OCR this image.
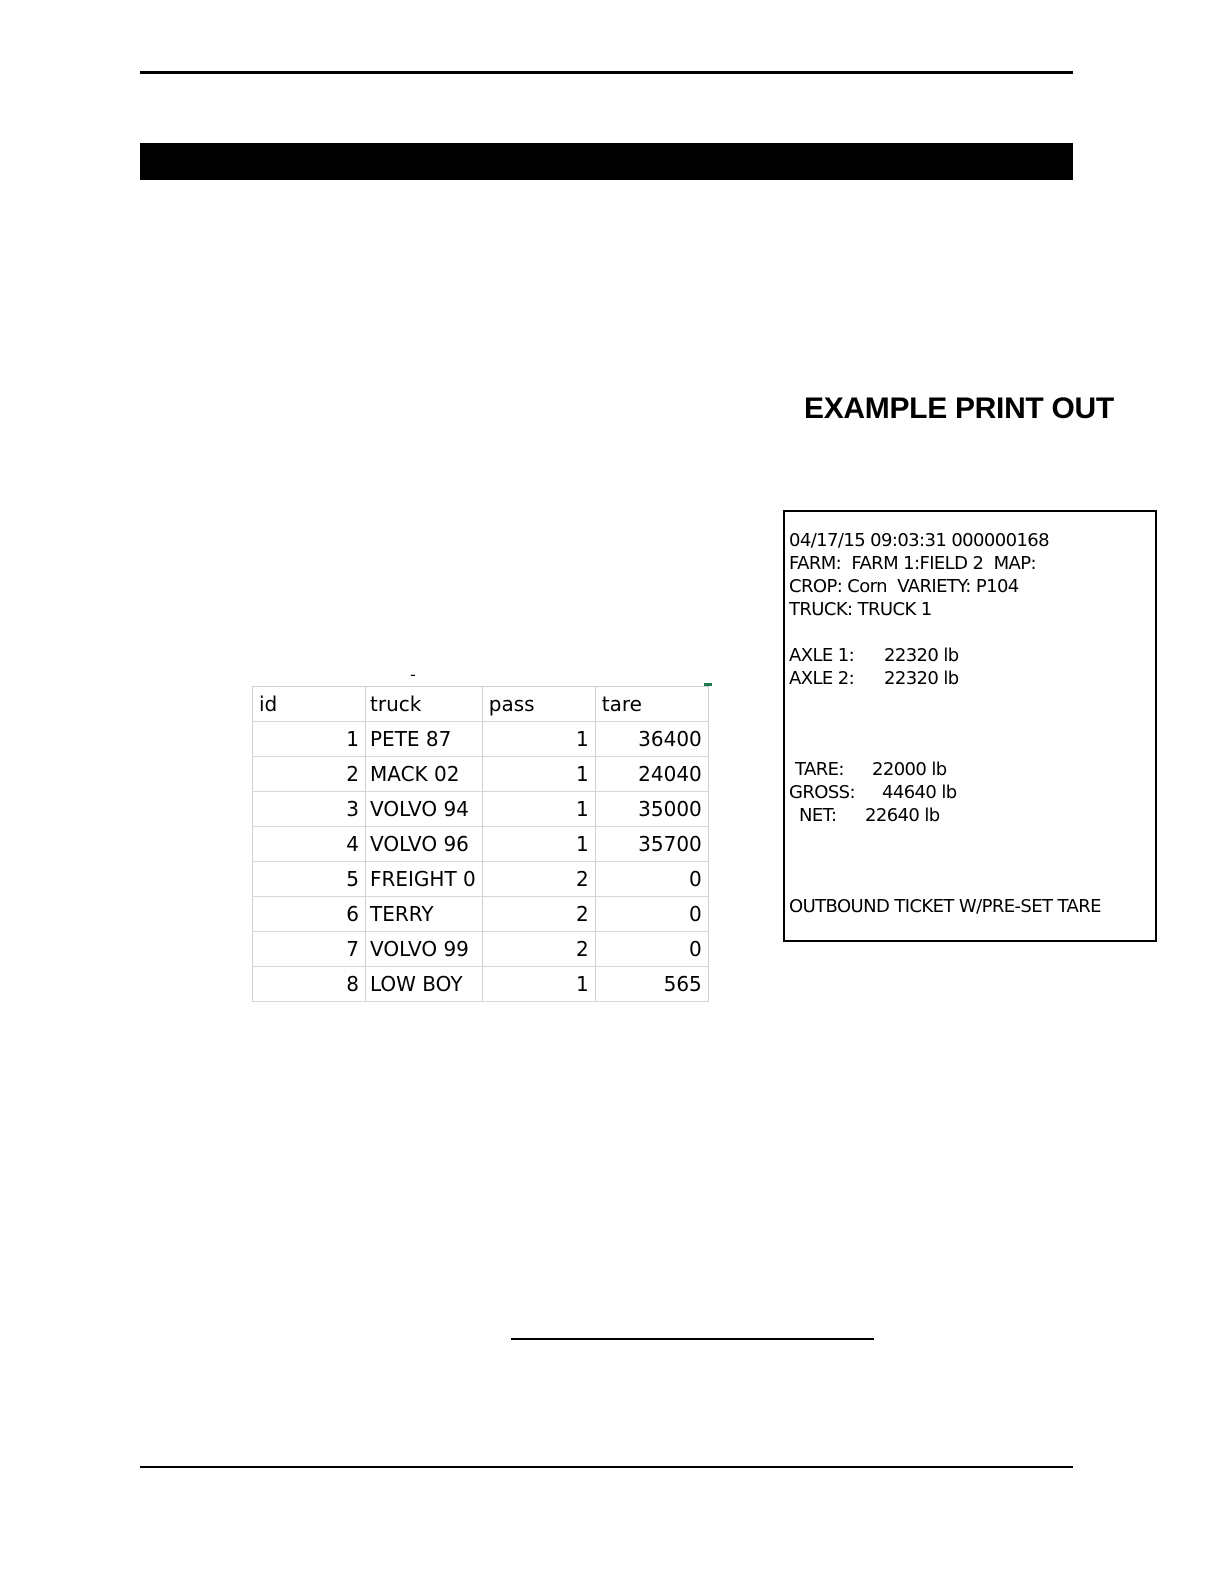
EXAMPLE PRINT OUT
-
id	truck	pass	tare
1	PETE 87	1	36400
2	MACK 02	1	24040
3	VOLVO 94	1	35000
4	VOLVO 96	1	35700
5	FREIGHT 0	2	0
6	TERRY	2	0
7	VOLVO 99	2	0
8	LOW BOY	1	565
04/17/15 09:03:31 000000168
FARM:  FARM 1:FIELD 2  MAP:
CROP: Corn  VARIETY: P104
TRUCK: TRUCK 1
AXLE 1: 22320 lb
AXLE 2: 22320 lb
TARE: 22000 lb
GROSS: 44640 lb
NET: 22640 lb
OUTBOUND TICKET W/PRE-SET TARE
